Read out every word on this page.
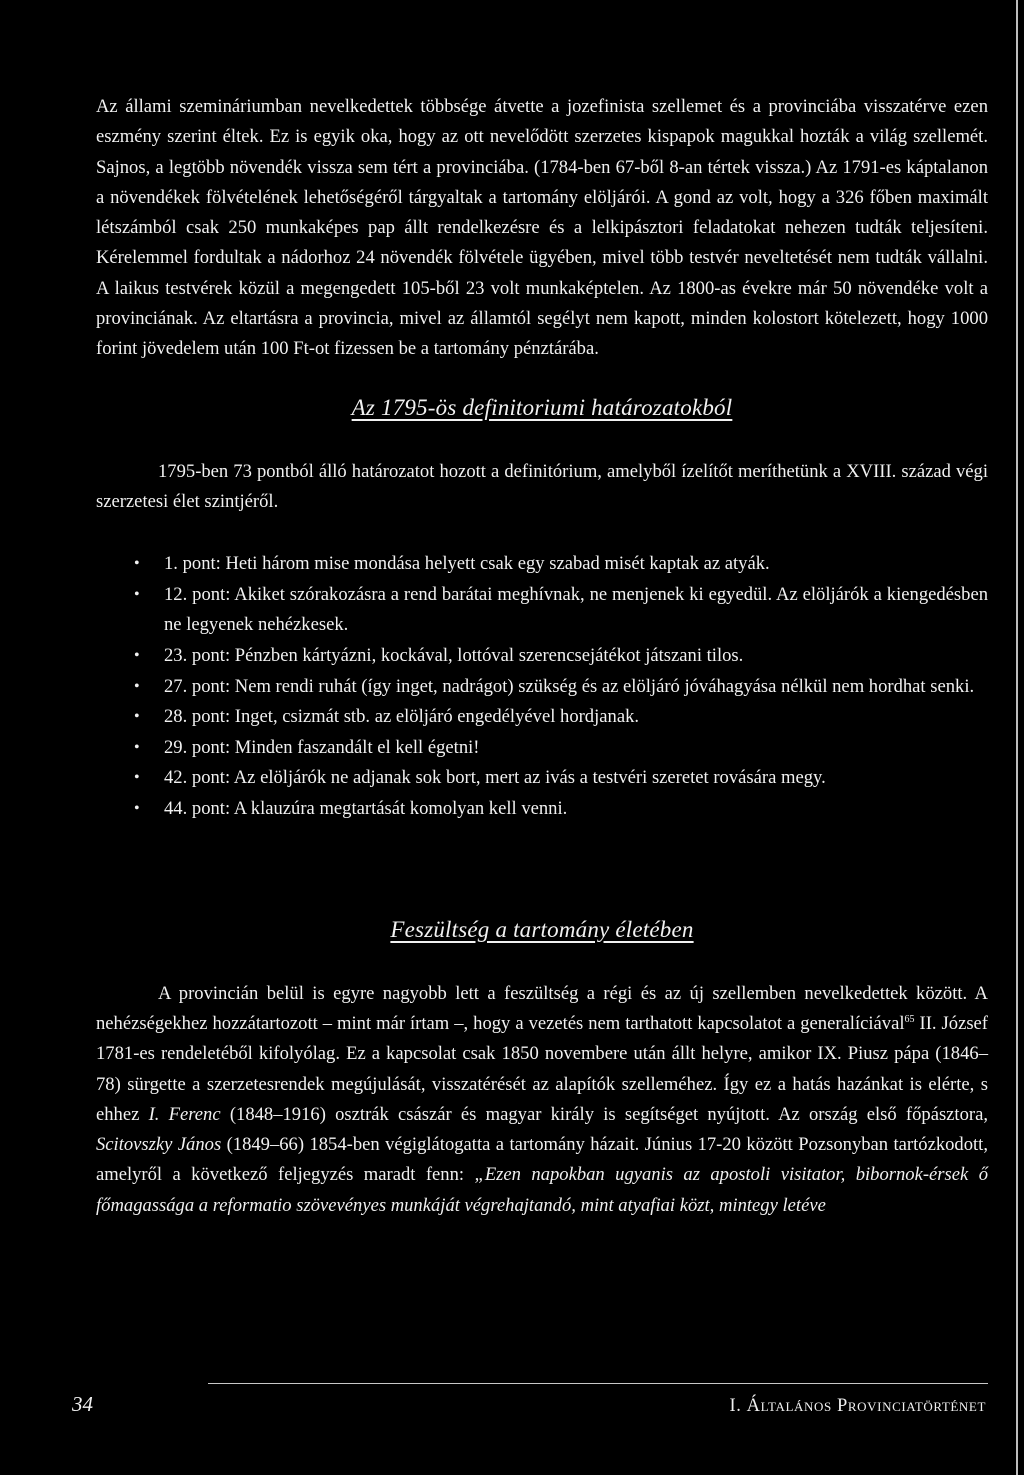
Az állami szemináriumban nevelkedettek többsége átvette a jozefinista szellemet és a provinciába visszatérve ezen eszmény szerint éltek. Ez is egyik oka, hogy az ott nevelődött szerzetes kispapok magukkal hozták a világ szellemét. Sajnos, a legtöbb növendék vissza sem tért a provinciába. (1784-ben 67-ből 8-an tértek vissza.) Az 1791-es káptalanon a növendékek fölvételének lehetőségéről tárgyaltak a tartomány elöljárói. A gond az volt, hogy a 326 főben maximált létszámból csak 250 munkaképes pap állt rendelkezésre és a lelkipásztori feladatokat nehezen tudták teljesíteni. Kérelemmel fordultak a nádorhoz 24 növendék fölvétele ügyében, mivel több testvér neveltetését nem tudták vállalni. A laikus testvérek közül a megengedett 105-ből 23 volt munkaképtelen. Az 1800-as évekre már 50 növendéke volt a provinciának. Az eltartásra a provincia, mivel az államtól segélyt nem kapott, minden kolostort kötelezett, hogy 1000 forint jövedelem után 100 Ft-ot fizessen be a tartomány pénztárába.

Az 1795-ös definitoriumi határozatokból

1795-ben 73 pontból álló határozatot hozott a definitórium, amelyből ízelítőt meríthetünk a XVIII. század végi szerzetesi élet szintjéről.

• 1. pont: Heti három mise mondása helyett csak egy szabad misét kaptak az atyák.
• 12. pont: Akiket szórakozásra a rend barátai meghívnak, ne menjenek ki egyedül. Az elöljárók a kiengedésben ne legyenek nehézkesek.
• 23. pont: Pénzben kártyázni, kockával, lottóval szerencsejátékot játszani tilos.
• 27. pont: Nem rendi ruhát (így inget, nadrágot) szükség és az elöljáró jóváhagyása nélkül nem hordhat senki.
• 28. pont: Inget, csizmát stb. az elöljáró engedélyével hordjanak.
• 29. pont: Minden faszandált el kell égetni!
• 42. pont: Az elöljárók ne adjanak sok bort, mert az ivás a testvéri szeretet rovására megy.
• 44. pont: A klauzúra megtartását komolyan kell venni.
Feszültség a tartomány életében

A provincián belül is egyre nagyobb lett a feszültség a régi és az új szellemben nevelkedettek között. A nehézségekhez hozzátartozott – mint már írtam –, hogy a vezetés nem tarthatott kapcsolatot a generalíciával$^{65}$ II. József 1781-es rendeletéből kifolyólag. Ez a kapcsolat csak 1850 novembere után állt helyre, amikor IX. Piusz pápa (1846–78) sürgette a szerzetesrendek megújulását, visszatérését az alapítók szelleméhez. Így ez a hatás hazánkat is elérte, s ehhez I. Ferenc (1848–1916) osztrák császár és magyar király is segítséget nyújtott. Az ország első főpásztora, Scitovszky János (1849–66) 1854-ben végiglátogatta a tartomány házait. Június 17-20 között Pozsonyban tartózkodott, amelyről a következő feljegyzés maradt fenn: „Ezen napokban ugyanis az apostoli visitator, bibornok-érsek ő főmagassága a reformatio szövevényes munkáját végrehajtandó, mint atyafiai közt, mintegy letéve

34	I. Általános Provinciatörténet
